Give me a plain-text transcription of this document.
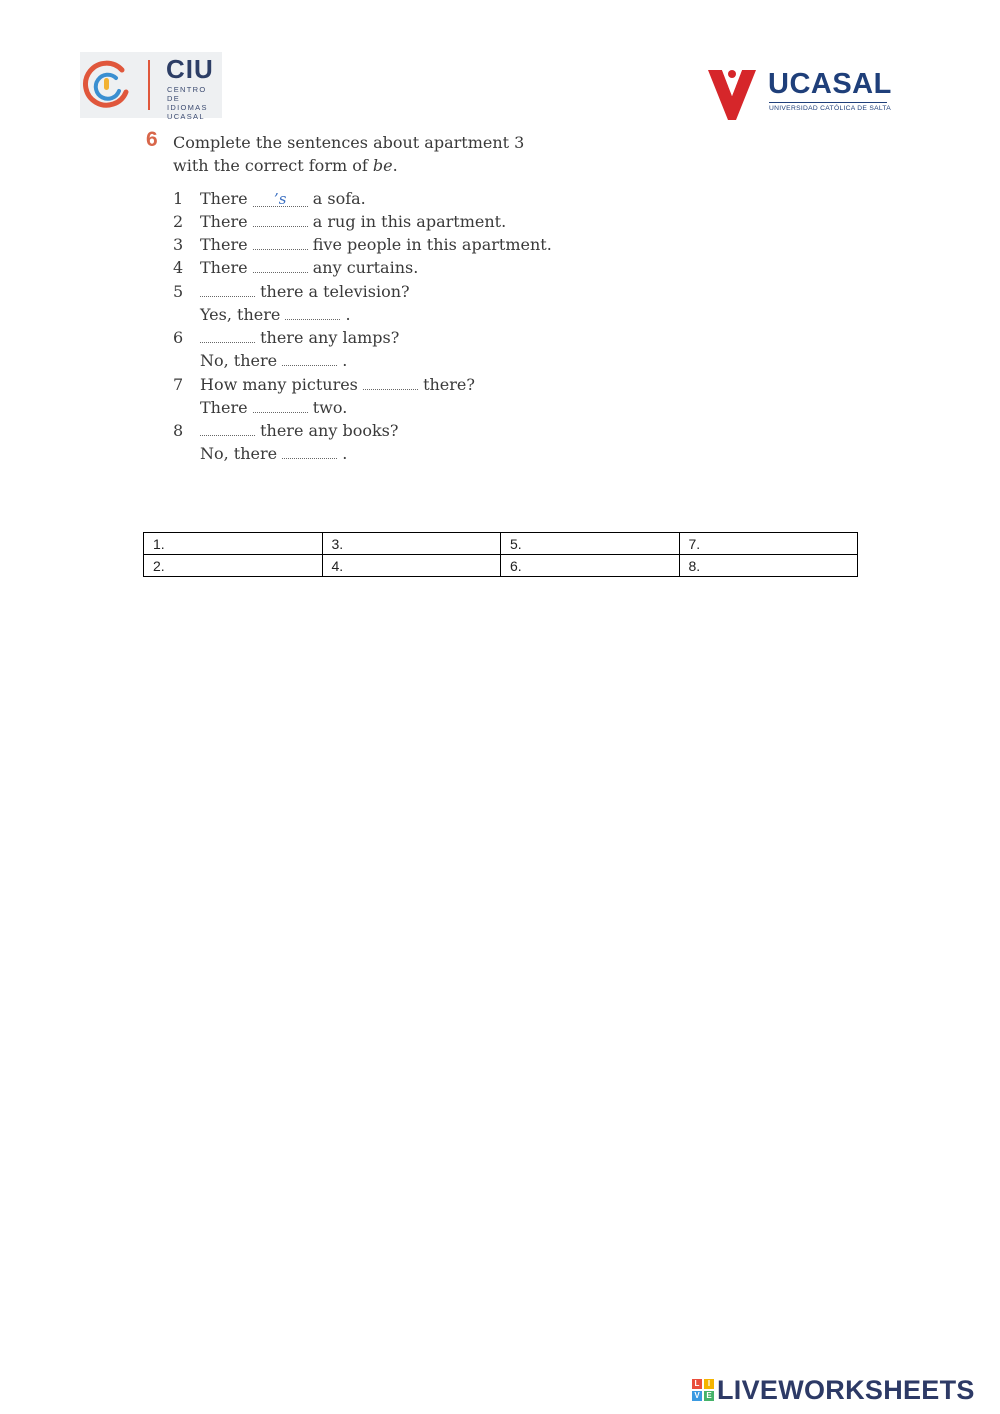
CIU
CENTRO DE
IDIOMAS
UCASAL
UCASAL
UNIVERSIDAD CATÓLICA DE SALTA
6 Complete the sentences about apartment 3
with the correct form of be.
1 There ’s a sofa.
2 There	a rug in this apartment.
3 There	five people in this apartment.
4 There	any curtains.
5	there a television?
Yes, there	.
6	there any lamps?
No, there	.
7 How many pictures	there?
There	two.
8	there any books?
No, there	.
1.	3.	5.	7.
2.	4.	6.	8.
L	I
V E LIVEWORKSHEETS
